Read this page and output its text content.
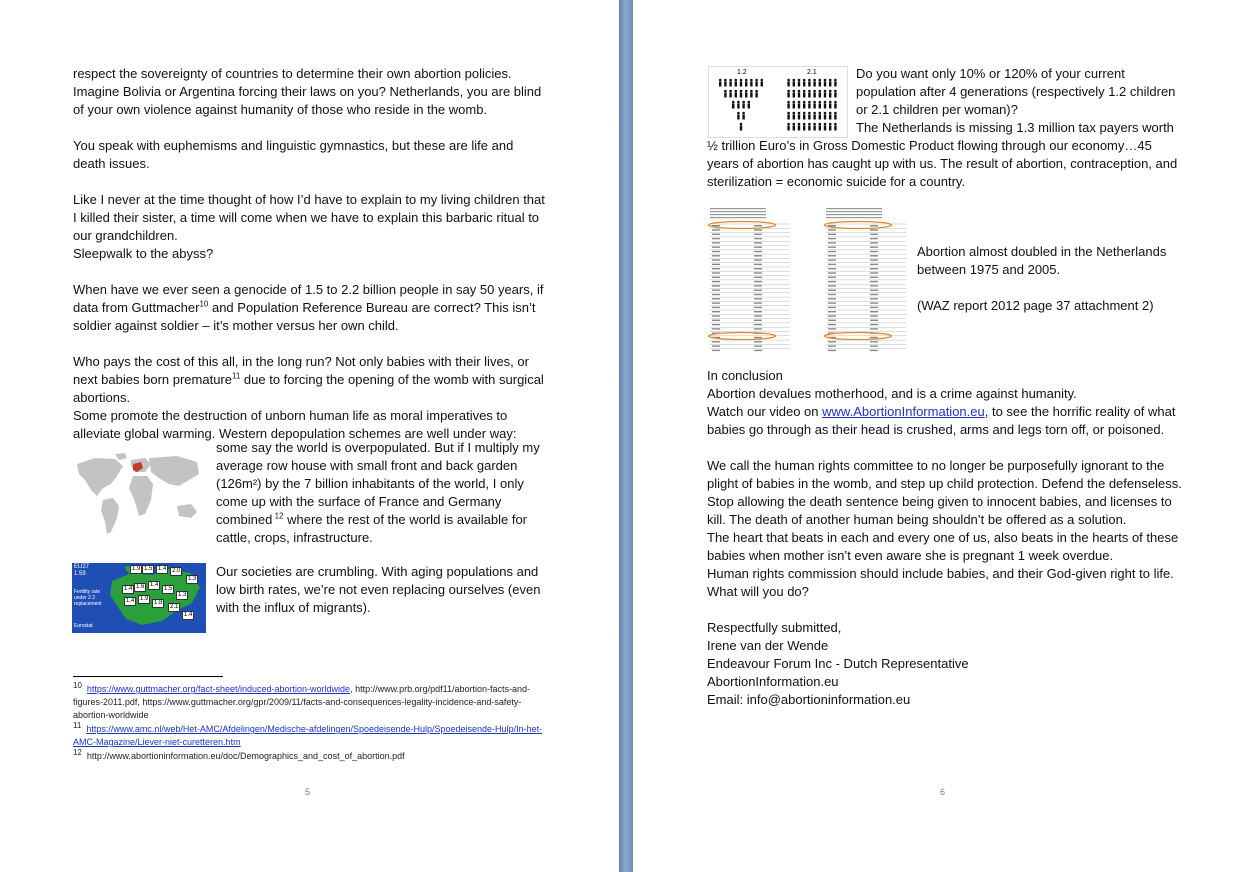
respect the sovereignty of countries to determine their own abortion policies. Imagine Bolivia or Argentina forcing their laws on you? Netherlands, you are blind of your own violence against humanity of those who reside in the womb.

You speak with euphemisms and linguistic gymnastics, but these are life and death issues.

Like I never at the time thought of how I’d have to explain to my living children that I killed their sister, a time will come when we have to explain this barbaric ritual to our grandchildren.

Sleepwalk to the abyss?

When have we ever seen a genocide of 1.5 to 2.2 billion people in say 50 years, if data from Guttmacher$^{10}$ and Population Reference Bureau are correct? This isn’t soldier against soldier – it’s mother versus her own child.

Who pays the cost of this all, in the long run? Not only babies with their lives, or next babies born premature$^{11}$ due to forcing the opening of the womb with surgical abortions.

Some promote the destruction of unborn human life as moral imperatives to alleviate global warming. Western depopulation schemes are well under way:

some say the world is overpopulated. But if I multiply my average row house with small front and back garden (126m²) by the 7 billion inhabitants of the world, I only come up with the surface of France and Germany combined $^{12}$ where the rest of the world is available for cattle, crops, infrastructure.

EU27
1.59
Fertility rate
under 2.2
replacement
Eurostat
1.9 1.5 1.4 2.0
1.3
1.4 1.6 1.4
1.5
1.3
1.4 1.9
1.8
2.1
1.4

Our societies are crumbling. With aging populations and low birth rates, we’re not even replacing ourselves (even with the influx of migrants).

$^{10}$ https://www.guttmacher.org/fact-sheet/induced-abortion-worldwide, http://www.prb.org/pdf11/abortion-facts-and-figures-2011.pdf, https://www.guttmacher.org/gpr/2009/11/facts-and-consequences-legality-incidence-and-safety-abortion-worldwide
$^{11}$ https://www.amc.nl/web/Het-AMC/Afdelingen/Medische-afdelingen/Spoedeisende-Hulp/Spoedeisende-Hulp/In-het-AMC-Magazine/Liever-niet-curetteren.htm
$^{12}$ http://www.abortioninformation.eu/doc/Demographics_and_cost_of_abortion.pdf
5
1.2	2.1	Do you want only 10% or 120% of your current population after 4 generations (respectively 1.2 children or 2.1 children per woman)?

The Netherlands is missing 1.3 million tax payers worth ½ trillion Euro’s in Gross Domestic Product flowing through our economy…45 years of abortion has caught up with us. The result of abortion, contraception, and sterilization = economic suicide for a country.

Abortion almost doubled in the Netherlands between 1975 and 2005.

(WAZ report 2012 page 37 attachment 2)

In conclusion

Abortion devalues motherhood, and is a crime against humanity.

Watch our video on www.AbortionInformation.eu, to see the horrific reality of what babies go through as their head is crushed, arms and legs torn off, or poisoned.

We call the human rights committee to no longer be purposefully ignorant to the plight of babies in the womb, and step up child protection. Defend the defenseless.

Stop allowing the death sentence being given to innocent babies, and licenses to kill. The death of another human being shouldn’t be offered as a solution.

The heart that beats in each and every one of us, also beats in the hearts of these babies when mother isn’t even aware she is pregnant 1 week overdue.

Human rights commission should include babies, and their God-given right to life.

What will you do?

Respectfully submitted,

Irene van der Wende

Endeavour Forum Inc - Dutch Representative

AbortionInformation.eu

Email: info@abortioninformation.eu

6
